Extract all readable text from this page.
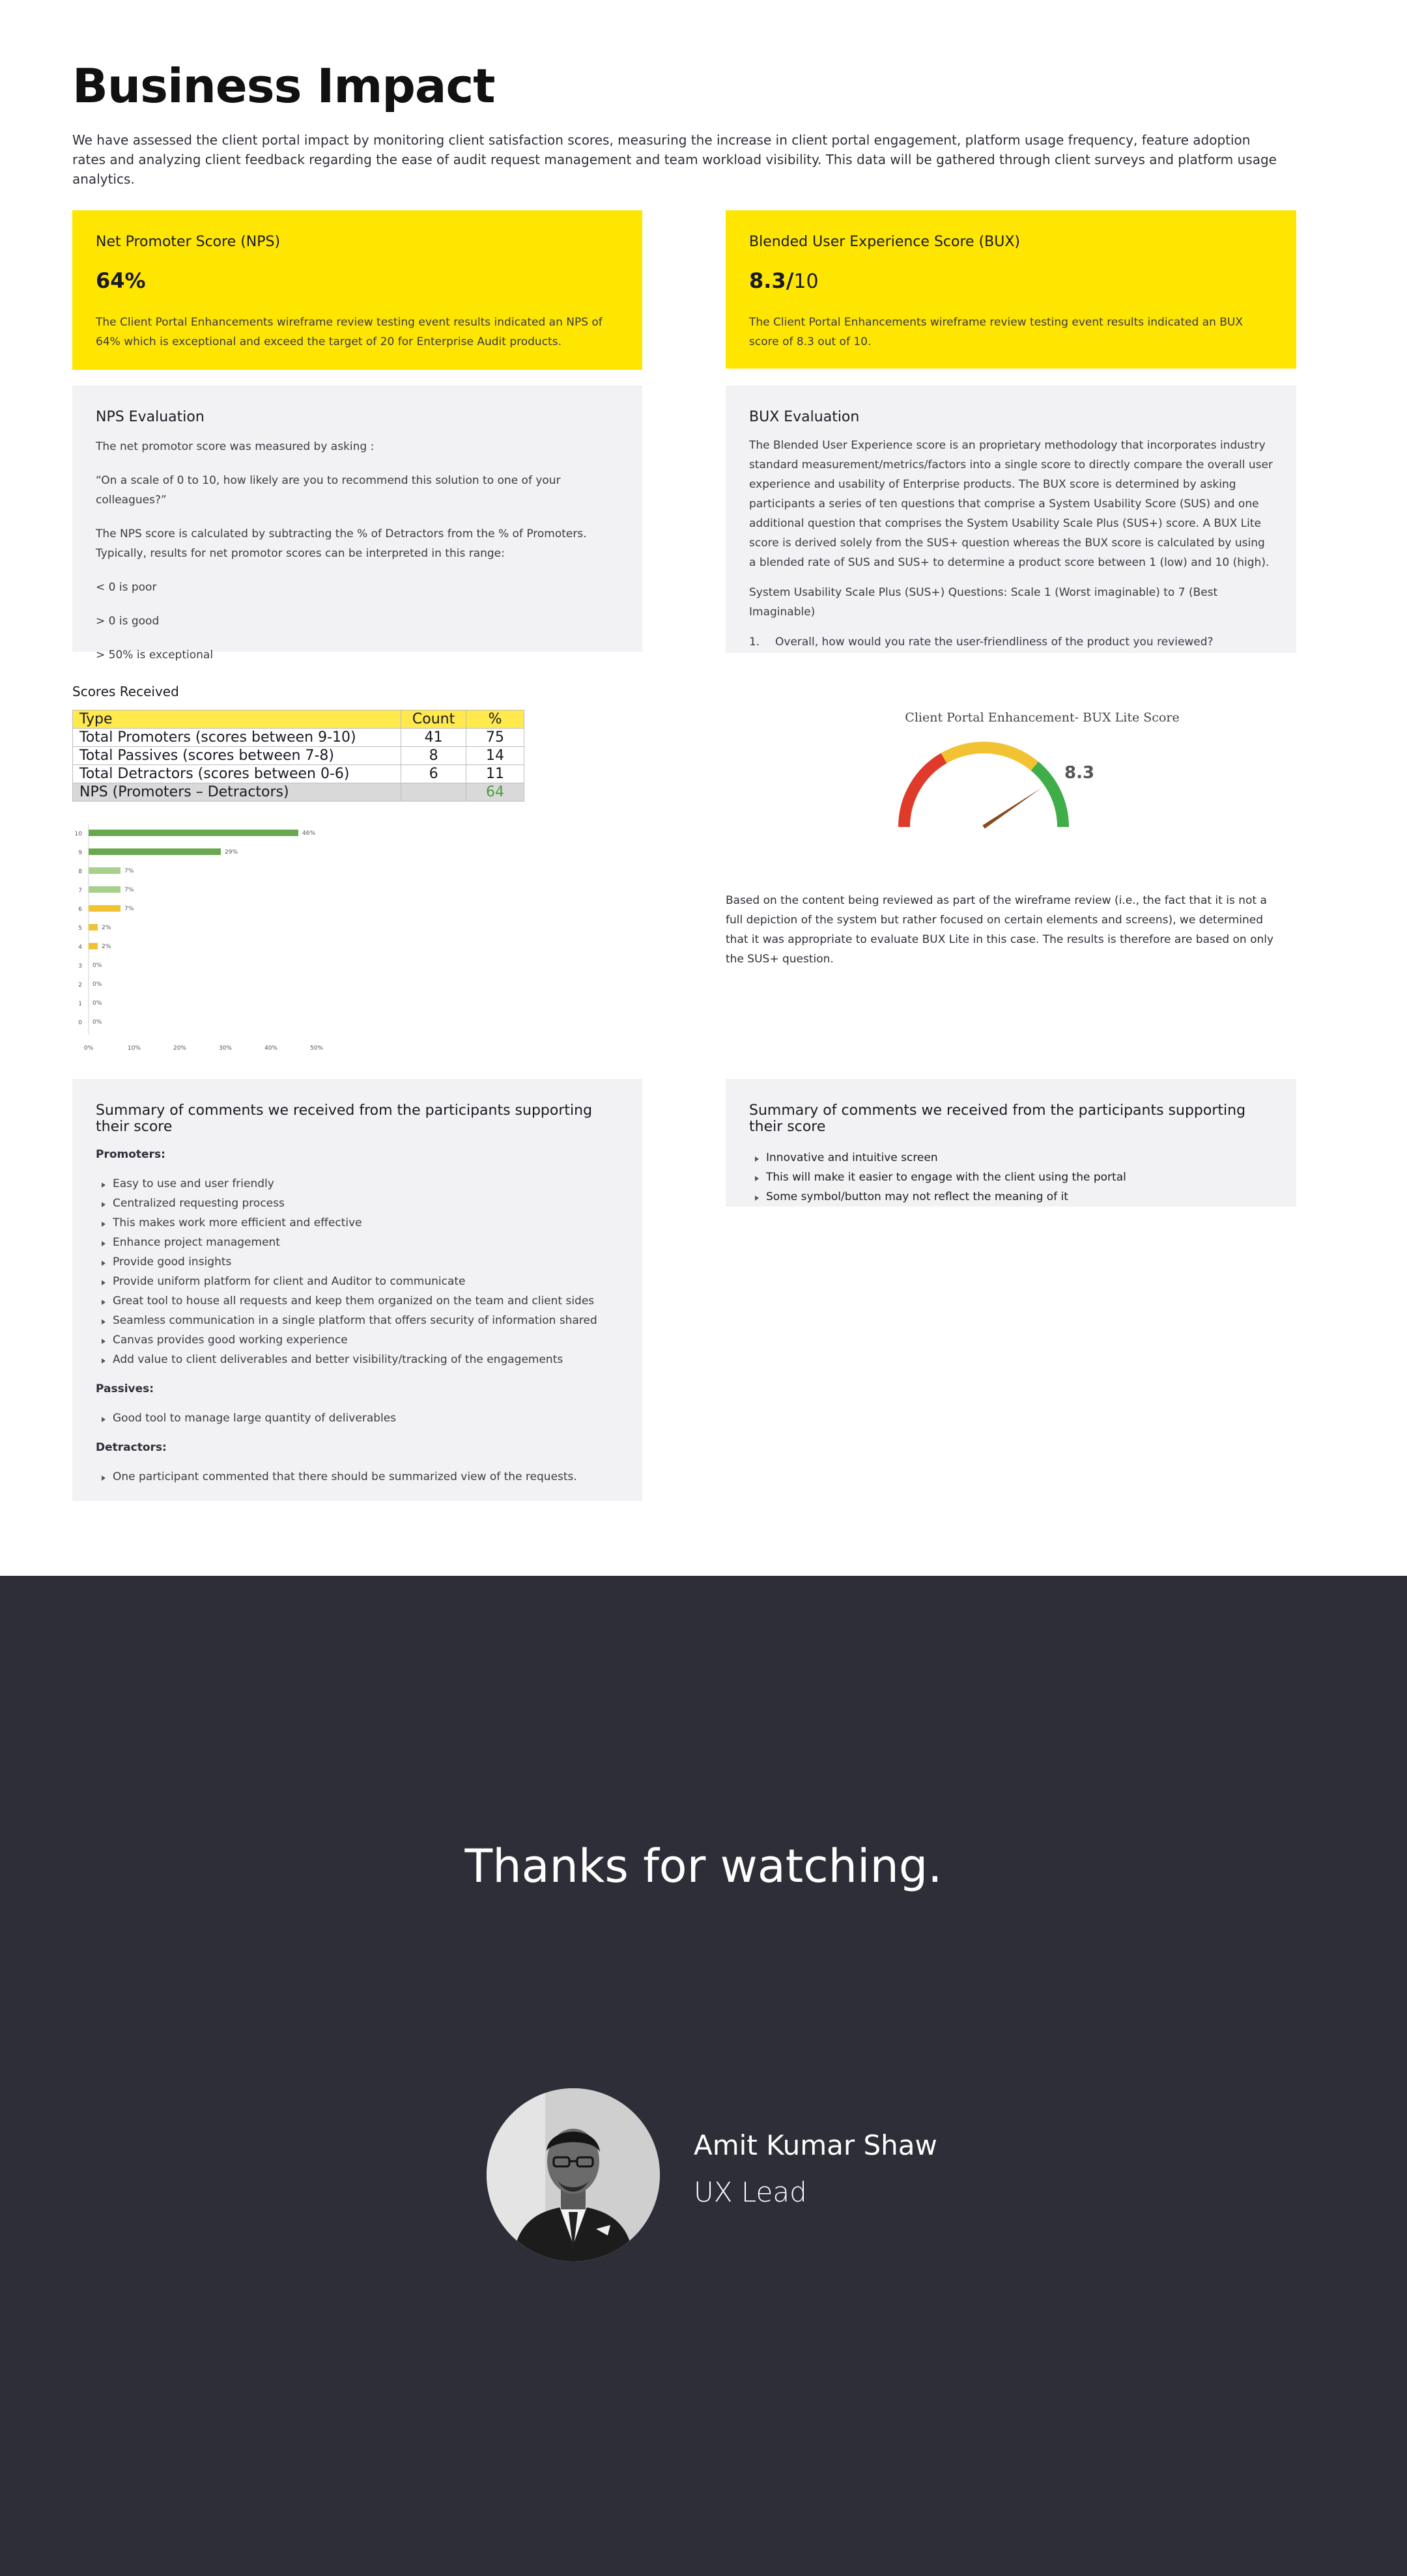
Business Impact

We have assessed the client portal impact by monitoring client satisfaction scores, measuring the increase in client portal engagement, platform usage frequency, feature adoption rates and analyzing client feedback regarding the ease of audit request management and team workload visibility. This data will be gathered through client surveys and platform usage analytics.

Net Promoter Score (NPS)
64%
The Client Portal Enhancements wireframe review testing event results indicated an NPS of 64% which is exceptional and exceed the target of 20 for Enterprise Audit products.
Blended User Experience Score (BUX)
8.3/10
The Client Portal Enhancements wireframe review testing event results indicated an BUX score of 8.3 out of 10.
NPS Evaluation

The net promotor score was measured by asking :

“On a scale of 0 to 10, how likely are you to recommend this solution to one of your colleagues?”

The NPS score is calculated by subtracting the % of Detractors from the % of Promoters. Typically, results for net promotor scores can be interpreted in this range:

< 0 is poor

> 0 is good

> 50% is exceptional

BUX Evaluation

The Blended User Experience score is an proprietary methodology that incorporates industry standard measurement/metrics/factors into a single score to directly compare the overall user experience and usability of Enterprise products. The BUX score is determined by asking participants a series of ten questions that comprise a System Usability Score (SUS) and one additional question that comprises the System Usability Scale Plus (SUS+) score. A BUX Lite score is derived solely from the SUS+ question whereas the BUX score is calculated by using a blended rate of SUS and SUS+ to determine a product score between 1 (low) and 10 (high).

System Usability Scale Plus (SUS+) Questions: Scale 1 (Worst imaginable) to 7 (Best Imaginable)

1.	Overall, how would you rate the user-friendliness of the product you reviewed?
Scores Received
Type	Count	%
Total Promoters (scores between 9-10)	41	75
Total Passives (scores between 7-8)	8	14
Total Detractors (scores between 0-6)	6	11
NPS (Promoters – Detractors)		64
10	46%
9	29%
8	7%
7	7%
6	7%
5	2%
4	2%
3 0%
2 0%
1 0%
0 0%
0%	10%	20%	30%	40%	50%
Client Portal Enhancement- BUX Lite Score
8.3

Based on the content being reviewed as part of the wireframe review (i.e., the fact that it is not a full depiction of the system but rather focused on certain elements and screens), we determined that it was appropriate to evaluate BUX Lite in this case. The results is therefore are based on only the SUS+ question.

Summary of comments we received from the participants supporting their score
Promoters:
Easy to use and user friendly
Centralized requesting process
This makes work more efficient and effective
Enhance project management
Provide good insights
Provide uniform platform for client and Auditor to communicate
Great tool to house all requests and keep them organized on the team and client sides
Seamless communication in a single platform that offers security of information shared
Canvas provides good working experience
Add value to client deliverables and better visibility/tracking of the engagements
Passives:
Good tool to manage large quantity of deliverables
Detractors:
One participant commented that there should be summarized view of the requests.
Summary of comments we received from the participants supporting their score
Innovative and intuitive screen
This will make it easier to engage with the client using the portal
Some symbol/button may not reflect the meaning of it
Thanks for watching.
Amit Kumar Shaw
UX Lead
